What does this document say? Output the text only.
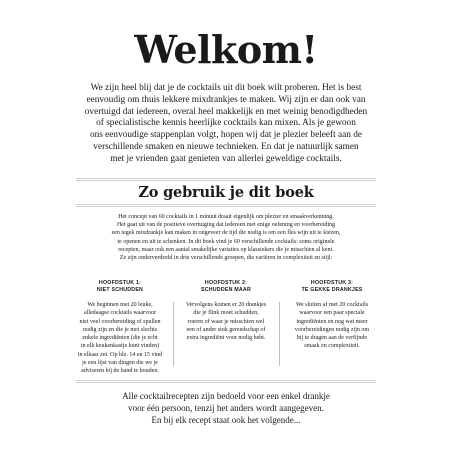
Welkom!
We zijn heel blij dat je de cocktails uit dit boek wilt proberen. Het is best
eenvoudig om thuis lekkere mixdrankjes te maken. Wij zijn er dan ook van
overtuigd dat iedereen, overal heel makkelijk en met weinig benodigdheden
of specialistische kennis heerlijke cocktails kan mixen. Als je gewoon
ons eenvoudige stappenplan volgt, hopen wij dat je plezier beleeft aan de
verschillende smaken en nieuwe technieken. En dat je natuurlijk samen
met je vrienden gaat genieten van allerlei geweldige cocktails.
Zo gebruik je dit boek
Het concept van 60 cocktails in 1 minuut draait eigenlijk om plezier en smaakverkenning.
Het gaat uit van de positieve overtuiging dat iedereen met enige oefening en voorbereiding
een tegek mixdrankje kan maken in ongeveer de tijd die nodig is om een fles wijn uit te kiezen,
te openen en uit te schenken. In dit boek vind je 60 verschillende cocktails: soms originele
recepten, maar ook een aantal smakelijke variaties op klassiekers die je misschien al kent.
Ze zijn onderverdeeld in drie verschillende groepen, die variëren in complexiteit en stijl:
HOOFDSTUK 1:
NIET SCHUDDEN
We beginnen met 20 leuke,
alledaagse cocktails waarvoor
niet veel voorbereiding of spullen
nodig zijn en die je met slechts
enkele ingrediënten (die je echt
in elk keukenkastje kunt vinden)
in elkaar zet. Op blz. 14 en 15 vind
je een lijst van dingen die we je
adviseren bij de hand te houden.
HOOFDSTUK 2:
SCHUDDEN MAAR
Vervolgens komen er 20 drankjes
die je flink moet schudden,
roeren of waar je misschien wel
een of ander stuk gereedschap of
extra ingrediënt voor nodig hebt.
HOOFDSTUK 3:
TE GEKKE DRANKJES
We sluiten af met 20 cocktails
waarvoor een paar speciale
ingrediënten en nog wat meer
voorbereidingen nodig zijn om
bij te dragen aan de verfijnde
smaak en complexiteit.
Alle cocktailrecepten zijn bedoeld voor een enkel drankje
voor één persoon, tenzij het anders wordt aangegeven.
En bij elk recept staat ook het volgende...
